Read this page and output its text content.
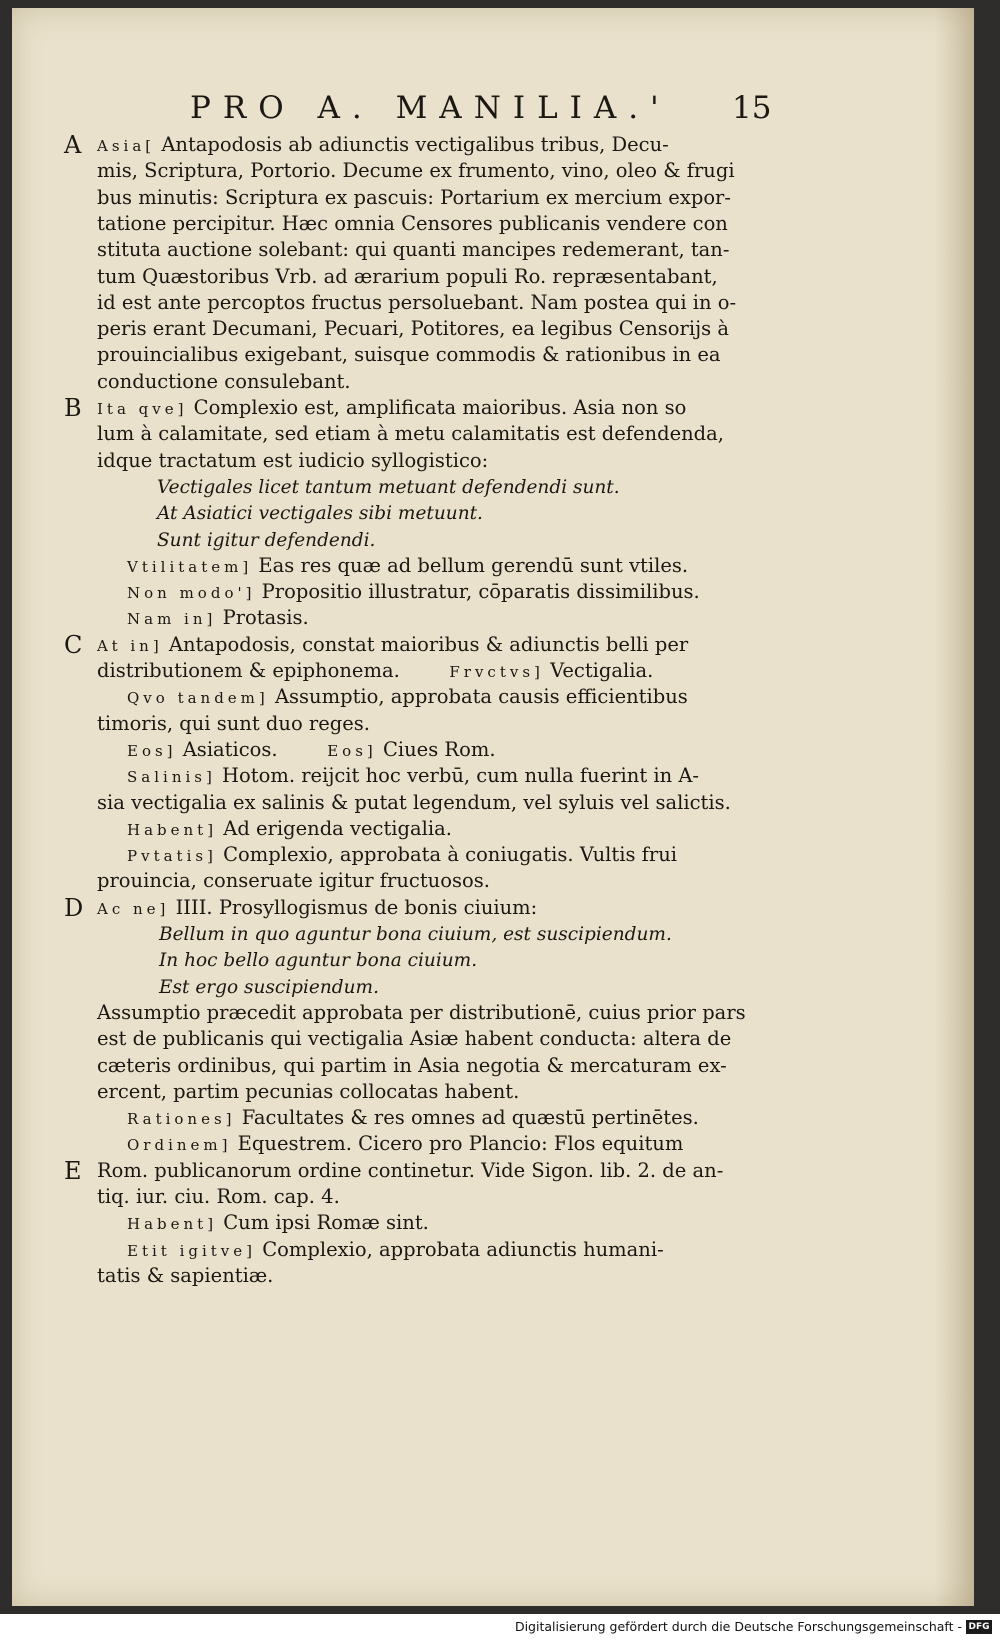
PRO A. MANILIA.' 15
A Asia[ Antapodosis ab adiunctis vectigalibus tribus, Decu-
mis, Scriptura, Portorio. Decume ex frumento, vino, oleo & frugi
bus minutis: Scriptura ex pascuis: Portarium ex mercium expor-
tatione percipitur. Hæc omnia Censores publicanis vendere con
stituta auctione solebant: qui quanti mancipes redemerant, tan-
tum Quæstoribus Vrb. ad ærarium populi Ro. repræsentabant,
id est ante percoptos fructus persoluebant. Nam postea qui in o-
peris erant Decumani, Pecuari, Potitores, ea legibus Censorijs à
prouincialibus exigebant, suisque commodis & rationibus in ea
conductione consulebant.
B Ita qve] Complexio est, amplificata maioribus. Asia non so
lum à calamitate, sed etiam à metu calamitatis est defendenda,
idque tractatum est iudicio syllogistico:
Vectigales licet tantum metuant defendendi sunt.
At Asiatici vectigales sibi metuunt.
Sunt igitur defendendi.
Vtilitatem] Eas res quæ ad bellum gerendū sunt vtiles.
Non modo'] Propositio illustratur, cōparatis dissimilibus.
Nam in] Protasis.
C At in] Antapodosis, constat maioribus & adiunctis belli per
distributionem & epiphonema.        Frvctvs] Vectigalia.
Qvo tandem] Assumptio, approbata causis efficientibus
timoris, qui sunt duo reges.
Eos] Asiaticos.        Eos] Ciues Rom.
Salinis] Hotom. reijcit hoc verbū, cum nulla fuerint in A-
sia vectigalia ex salinis & putat legendum, vel syluis vel salictis.
Habent] Ad erigenda vectigalia.
Pvtatis] Complexio, approbata à coniugatis. Vultis frui
prouincia, conseruate igitur fructuosos.
D Ac ne] IIII. Prosyllogismus de bonis ciuium:
Bellum in quo aguntur bona ciuium, est suscipiendum.
In hoc bello aguntur bona ciuium.
Est ergo suscipiendum.
Assumptio præcedit approbata per distributionē, cuius prior pars
est de publicanis qui vectigalia Asiæ habent conducta: altera de
cæteris ordinibus, qui partim in Asia negotia & mercaturam ex-
ercent, partim pecunias collocatas habent.
Rationes] Facultates & res omnes ad quæstū pertinētes.
Ordinem] Equestrem. Cicero pro Plancio: Flos equitum
E Rom. publicanorum ordine continetur. Vide Sigon. lib. 2. de an-
tiq. iur. ciu. Rom. cap. 4.
Habent] Cum ipsi Romæ sint.
Etit igitve] Complexio, approbata adiunctis humani-
tatis & sapientiæ.
Digitalisierung gefördert durch die Deutsche Forschungsgemeinschaft - DFG
